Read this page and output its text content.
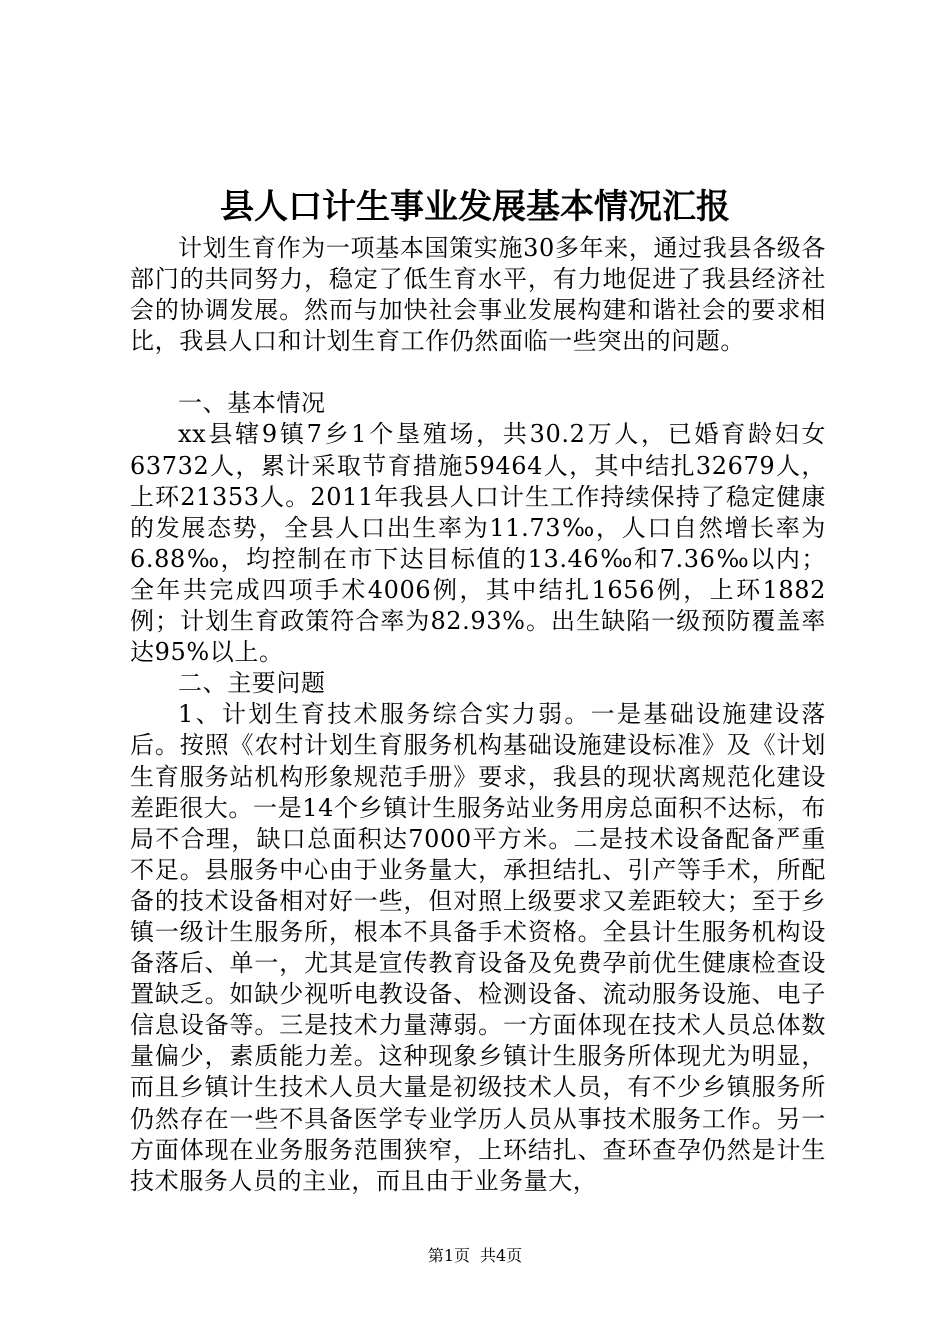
县人口计生事业发展基本情况汇报

计划生育作为一项基本国策实施30多年来，通过我县各级各部门的共同努力，稳定了低生育水平，有力地促进了我县经济社会的协调发展。然而与加快社会事业发展构建和谐社会的要求相比，我县人口和计划生育工作仍然面临一些突出的问题。

一、基本情况

xx县辖9镇7乡1个垦殖场，共30.2万人，已婚育龄妇女63732人，累计采取节育措施59464人，其中结扎32679人，上环21353人。2011年我县人口计生工作持续保持了稳定健康的发展态势，全县人口出生率为11.73‰，人口自然增长率为6.88‰，均控制在市下达目标值的13.46‰和7.36‰以内；全年共完成四项手术4006例，其中结扎1656例，上环1882例；计划生育政策符合率为82.93%。出生缺陷一级预防覆盖率达95%以上。

二、主要问题

1、计划生育技术服务综合实力弱。一是基础设施建设落后。按照《农村计划生育服务机构基础设施建设标准》及《计划生育服务站机构形象规范手册》要求，我县的现状离规范化建设差距很大。一是14个乡镇计生服务站业务用房总面积不达标，布局不合理，缺口总面积达7000平方米。二是技术设备配备严重不足。县服务中心由于业务量大，承担结扎、引产等手术，所配备的技术设备相对好一些，但对照上级要求又差距较大；至于乡镇一级计生服务所，根本不具备手术资格。全县计生服务机构设备落后、单一，尤其是宣传教育设备及免费孕前优生健康检查设置缺乏。如缺少视听电教设备、检测设备、流动服务设施、电子信息设备等。三是技术力量薄弱。一方面体现在技术人员总体数量偏少，素质能力差。这种现象乡镇计生服务所体现尤为明显，而且乡镇计生技术人员大量是初级技术人员，有不少乡镇服务所仍然存在一些不具备医学专业学历人员从事技术服务工作。另一方面体现在业务服务范围狭窄，上环结扎、查环查孕仍然是计生技术服务人员的主业，而且由于业务量大，

第1页 共4页
